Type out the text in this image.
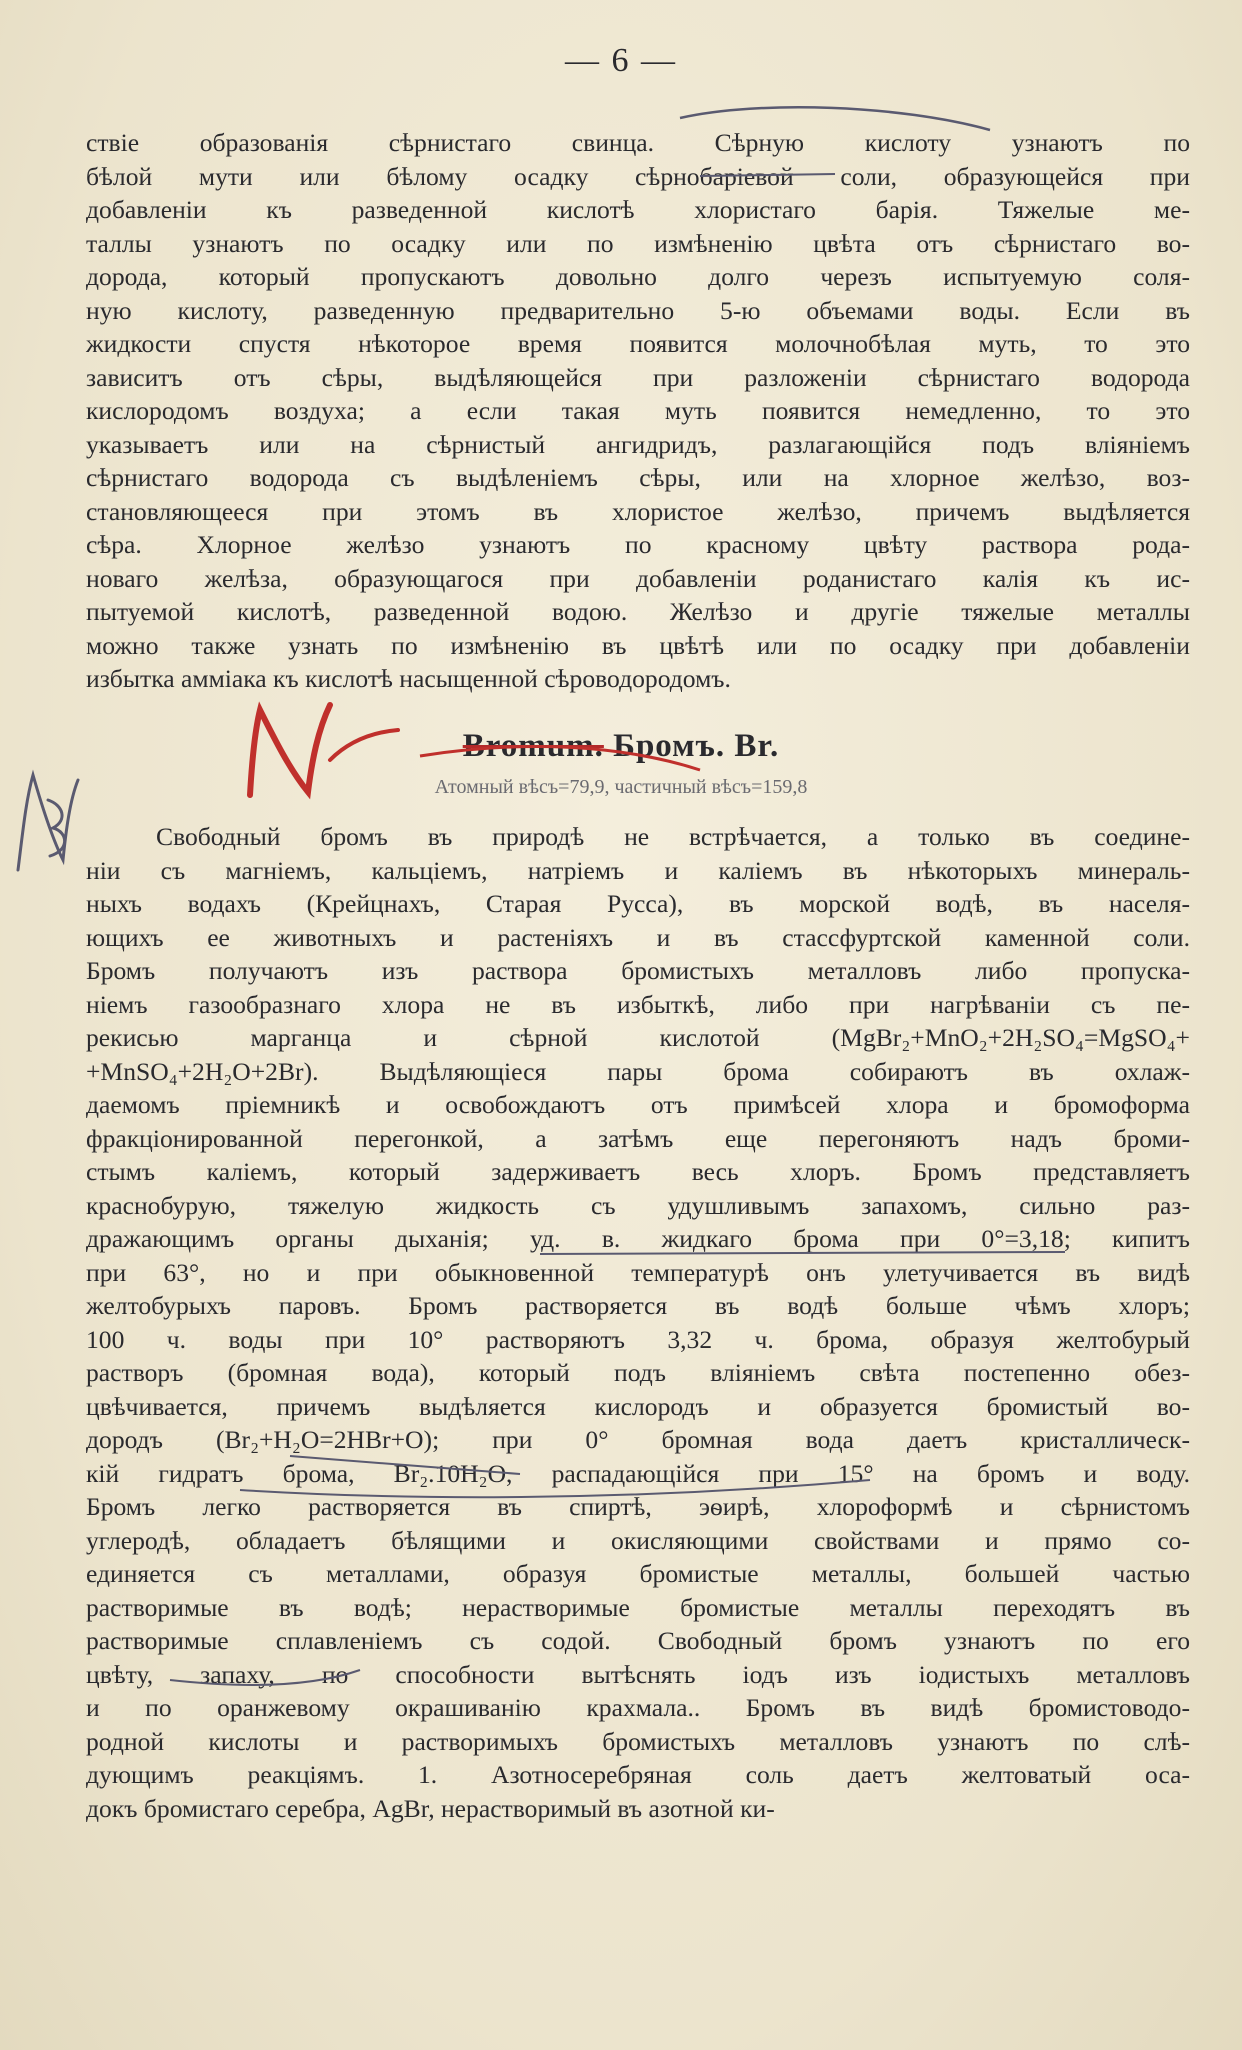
— 6 —
ствіе образованія сѣрнистаго свинца. Сѣрную кислоту узнаютъ по
бѣлой мути или бѣлому осадку сѣрнобаріевой соли, образующейся при
добавленіи къ разведенной кислотѣ хлористаго барія. Тяжелые ме-
таллы узнаютъ по осадку или по измѣненію цвѣта отъ сѣрнистаго во-
дорода, который пропускаютъ довольно долго черезъ испытуемую соля-
ную кислоту, разведенную предварительно 5-ю объемами воды. Если въ
жидкости спустя нѣкоторое время появится молочнобѣлая муть, то это
зависитъ отъ сѣры, выдѣляющейся при разложеніи сѣрнистаго водорода
кислородомъ воздуха; а если такая муть появится немедленно, то это
указываетъ или на сѣрнистый ангидридъ, разлагающійся подъ вліяніемъ
сѣрнистаго водорода съ выдѣленіемъ сѣры, или на хлорное желѣзо, воз-
становляющееся при этомъ въ хлористое желѣзо, причемъ выдѣляется
сѣра. Хлорное желѣзо узнаютъ по красному цвѣту раствора рода-
новаго желѣза, образующагося при добавленіи роданистаго калія къ ис-
пытуемой кислотѣ, разведенной водою. Желѣзо и другіе тяжелые металлы
можно также узнать по измѣненію въ цвѣтѣ или по осадку при добавленіи
избытка амміака къ кислотѣ насыщенной сѣроводородомъ.
Bromum. Бромъ. Br.
Атомный вѣсъ=79,9, частичный вѣсъ=159,8
Свободный бромъ въ природѣ не встрѣчается, а только въ соедине-
ніи съ магніемъ, кальціемъ, натріемъ и каліемъ въ нѣкоторыхъ минераль-
ныхъ водахъ (Крейцнахъ, Старая Русса), въ морской водѣ, въ населя-
ющихъ ее животныхъ и растеніяхъ и въ стассфуртской каменной соли.
Бромъ получаютъ изъ раствора бромистыхъ металловъ либо пропуска-
ніемъ газообразнаго хлора не въ избыткѣ, либо при нагрѣваніи съ пе-
рекисью марганца и сѣрной кислотой (MgBr₂+MnO₂+2H₂SO₄=MgSO₄+
+MnSO₄+2H₂O+2Br). Выдѣляющіеся пары брома собираютъ въ охлаж-
даемомъ пріемникѣ и освобождаютъ отъ примѣсей хлора и бромоформа
фракціонированной перегонкой, а затѣмъ еще перегоняютъ надъ броми-
стымъ каліемъ, который задерживаетъ весь хлоръ. Бромъ представляетъ
краснобурую, тяжелую жидкость съ удушливымъ запахомъ, сильно раз-
дражающимъ органы дыханія; уд. в. жидкаго брома при 0°=3,18; кипитъ
при 63°, но и при обыкновенной температурѣ онъ улетучивается въ видѣ
желтобурыхъ паровъ. Бромъ растворяется въ водѣ больше чѣмъ хлоръ;
100 ч. воды при 10° растворяютъ 3,32 ч. брома, образуя желтобурый
растворъ (бромная вода), который подъ вліяніемъ свѣта постепенно обез-
цвѣчивается, причемъ выдѣляется кислородъ и образуется бромистый во-
дородъ (Br₂+H₂O=2HBr+O); при 0° бромная вода даетъ кристаллическ-
кій гидратъ брома, Br₂.10H₂O, распадающійся при 15° на бромъ и воду.
Бромъ легко растворяется въ спиртѣ, эѳирѣ, хлороформѣ и сѣрнистомъ
углеродѣ, обладаетъ бѣлящими и окисляющими свойствами и прямо со-
единяется съ металлами, образуя бромистые металлы, большей частью
растворимые въ водѣ; нерастворимые бромистые металлы переходятъ въ
растворимые сплавленіемъ съ содой. Свободный бромъ узнаютъ по его
цвѣту, запаху, по способности вытѣснять іодъ изъ іодистыхъ металловъ
и по оранжевому окрашиванію крахмала.. Бромъ въ видѣ бромистоводо-
родной кислоты и растворимыхъ бромистыхъ металловъ узнаютъ по слѣ-
дующимъ реакціямъ. 1. Азотносеребряная соль даетъ желтоватый оса-
докъ бромистаго серебра, AgBr, нерастворимый въ азотной ки-
